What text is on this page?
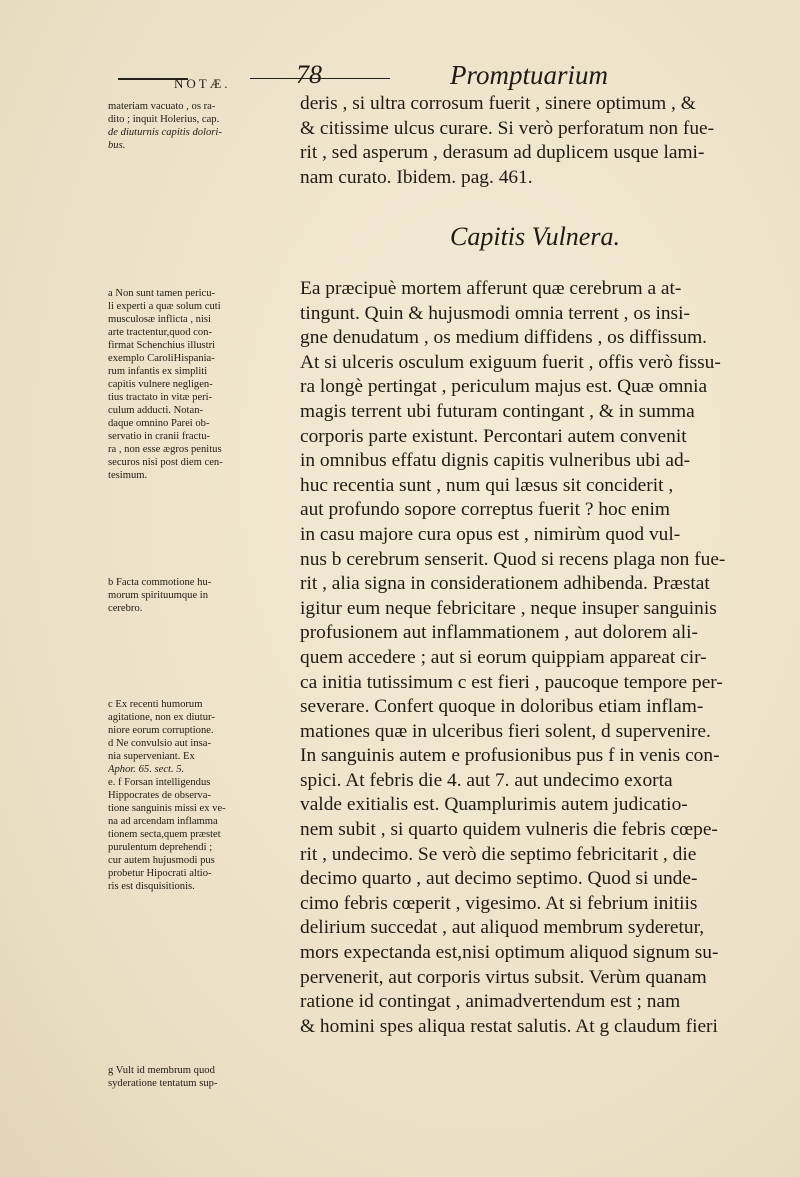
NOTÆ.	78	Promptuarium
materiam vacuato , os ra-
dito ; inquit Holerius, cap.
de diuturnis capitis dolori-
bus.
deris , si ultra corrosum fuerit , sinere optimum , &
& citissime ulcus curare. Si verò perforatum non fue-
rit , sed asperum , derasum ad duplicem usque lami-
nam curato. Ibidem. pag. 461.
Capitis Vulnera.
a Non sunt tamen pericu-
li experti a quæ solum cuti
musculosæ inflicta , nisi
arte tractentur,quod con-
firmat Schenchius illustri
exemplo CaroliHispania-
rum infantis ex simpliti
capitis vulnere negligen-
tius tractato in vitæ peri-
culum adducti. Notan-
daque omnino Parei ob-
servatio in cranii fractu-
ra , non esse ægros penitus
securos nisi post diem cen-
tesimum.
b Facta commotione hu-
morum spirituumque in
cerebro.
c Ex recenti humorum
agitatione, non ex diutur-
niore eorum corruptione.
d Ne convulsio aut insa-
nia superveniant. Ex
Aphor. 65. sect. 5.
e. f Forsan intelligendus
Hippocrates de observa-
tione sanguinis missi ex ve-
na ad arcendam inflamma
tionem secta,quem præstet
purulentum deprehendi ;
cur autem hujusmodi pus
probetur Hipocrati altio-
ris est disquisitionis.
g Vult id membrum quod
syderatione tentatum sup-
Ea præcipuè mortem afferunt quæ cerebrum a at-
tingunt. Quin & hujusmodi omnia terrent , os insi-
gne denudatum , os medium diffidens , os diffissum.
At si ulceris osculum exiguum fuerit , offis verò fissu-
ra longè pertingat , periculum majus est. Quæ omnia
magis terrent ubi futuram contingant , & in summa
corporis parte existunt. Percontari autem convenit
in omnibus effatu dignis capitis vulneribus ubi ad-
huc recentia sunt , num qui læsus sit conciderit ,
aut profundo sopore correptus fuerit ? hoc enim
in casu majore cura opus est , nimirùm quod vul-
nus b cerebrum senserit. Quod si recens plaga non fue-
rit , alia signa in considerationem adhibenda. Præstat
igitur eum neque febricitare , neque insuper sanguinis
profusionem aut inflammationem , aut dolorem ali-
quem accedere ; aut si eorum quippiam appareat cir-
ca initia tutissimum c est fieri , paucoque tempore per-
severare. Confert quoque in doloribus etiam inflam-
mationes quæ in ulceribus fieri solent, d supervenire.
In sanguinis autem e profusionibus pus f in venis con-
spici. At febris die 4. aut 7. aut undecimo exorta
valde exitialis est. Quamplurimis autem judicatio-
nem subit , si quarto quidem vulneris die febris cœpe-
rit , undecimo. Se verò die septimo febricitarit , die
decimo quarto , aut decimo septimo. Quod si unde-
cimo febris cœperit , vigesimo. At si febrium initiis
delirium succedat , aut aliquod membrum syderetur,
mors expectanda est,nisi optimum aliquod signum su-
pervenerit, aut corporis virtus subsit. Verùm quanam
ratione id contingat , animadvertendum est ; nam
& homini spes aliqua restat salutis. At g claudum fieri
